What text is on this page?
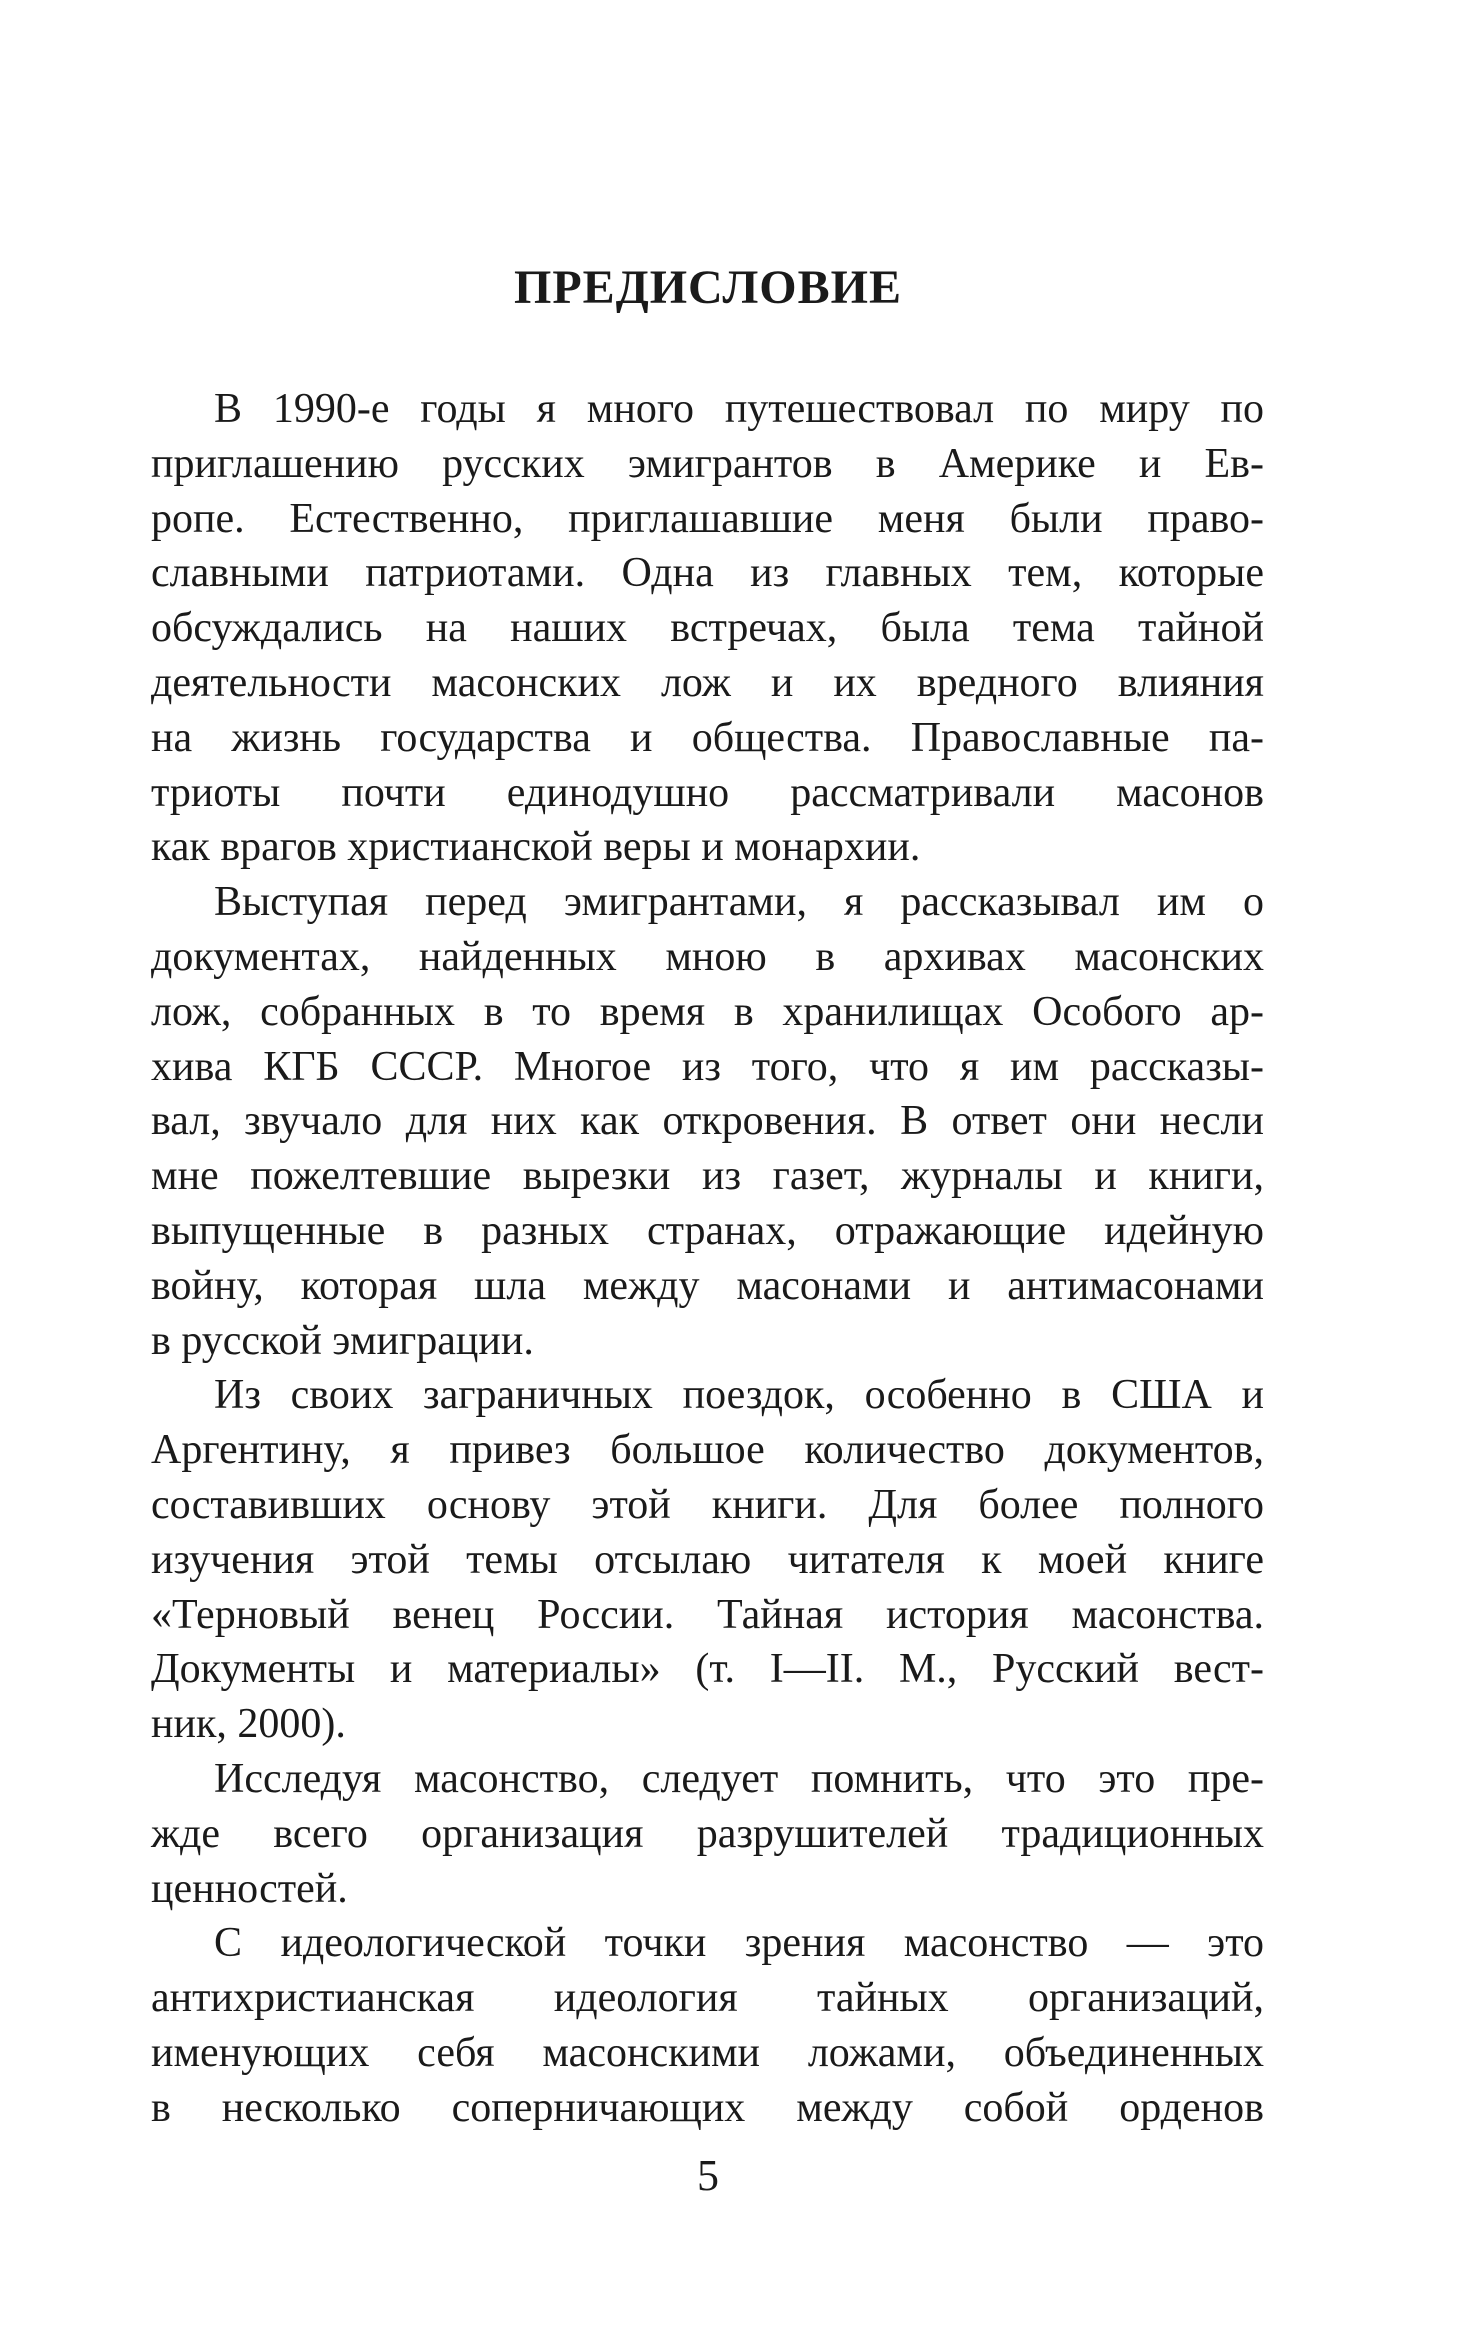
ПРЕДИСЛОВИЕ
В 1990-е годы я много путешествовал по миру по
приглашению русских эмигрантов в Америке и Ев-
ропе. Естественно, приглашавшие меня были право-
славными патриотами. Одна из главных тем, которые
обсуждались на наших встречах, была тема тайной
деятельности масонских лож и их вредного влияния
на жизнь государства и общества. Православные па-
триоты почти единодушно рассматривали масонов
как врагов христианской веры и монархии.
Выступая перед эмигрантами, я рассказывал им о
документах, найденных мною в архивах масонских
лож, собранных в то время в хранилищах Особого ар-
хива КГБ СССР. Многое из того, что я им рассказы-
вал, звучало для них как откровения. В ответ они несли
мне пожелтевшие вырезки из газет, журналы и книги,
выпущенные в разных странах, отражающие идейную
войну, которая шла между масонами и антимасонами
в русской эмиграции.
Из своих заграничных поездок, особенно в США и
Аргентину, я привез большое количество документов,
составивших основу этой книги. Для более полного
изучения этой темы отсылаю читателя к моей книге
«Терновый венец России. Тайная история масонства.
Документы и материалы» (т. I—II. М., Русский вест-
ник, 2000).
Исследуя масонство, следует помнить, что это пре-
жде всего организация разрушителей традиционных
ценностей.
С идеологической точки зрения масонство — это
антихристианская идеология тайных организаций,
именующих себя масонскими ложами, объединенных
в несколько соперничающих между собой орденов
5
